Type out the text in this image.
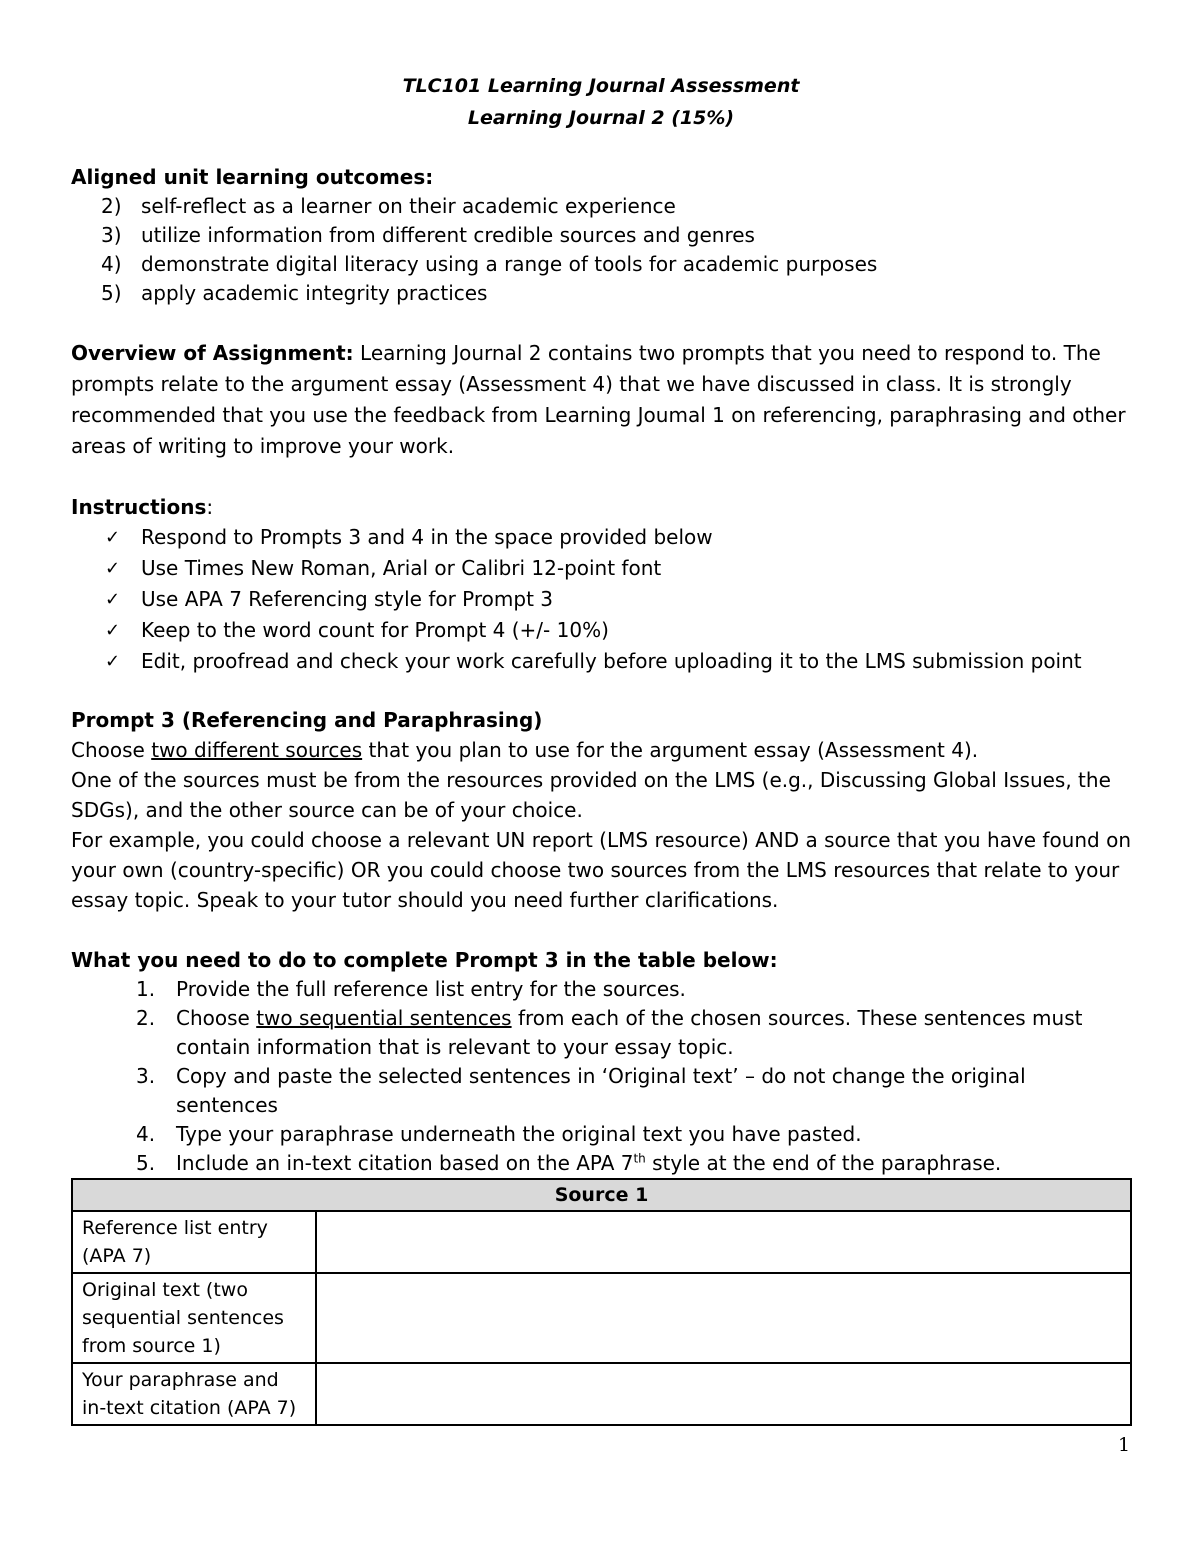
TLC101 Learning Journal Assessment
Learning Journal 2 (15%)
Aligned unit learning outcomes:
2) self-reflect as a learner on their academic experience
3) utilize information from different credible sources and genres
4) demonstrate digital literacy using a range of tools for academic purposes
5) apply academic integrity practices

Overview of Assignment: Learning Journal 2 contains two prompts that you need to respond to. The prompts relate to the argument essay (Assessment 4) that we have discussed in class. It is strongly recommended that you use the feedback from Learning Joumal 1 on referencing, paraphrasing and other areas of writing to improve your work.

Instructions:
✓ Respond to Prompts 3 and 4 in the space provided below
✓ Use Times New Roman, Arial or Calibri 12-point font
✓ Use APA 7 Referencing style for Prompt 3
✓ Keep to the word count for Prompt 4 (+/- 10%)
✓ Edit, proofread and check your work carefully before uploading it to the LMS submission point
Prompt 3 (Referencing and Paraphrasing)

Choose two different sources that you plan to use for the argument essay (Assessment 4).

One of the sources must be from the resources provided on the LMS (e.g., Discussing Global Issues, the SDGs), and the other source can be of your choice.

For example, you could choose a relevant UN report (LMS resource) AND a source that you have found on your own (country-specific) OR you could choose two sources from the LMS resources that relate to your essay topic. Speak to your tutor should you need further clarifications.

What you need to do to complete Prompt 3 in the table below:
1. Provide the full reference list entry for the sources.
2. Choose two sequential sentences from each of the chosen sources. These sentences must contain information that is relevant to your essay topic.
3. Copy and paste the selected sentences in ‘Original text’ – do not change the original sentences
4. Type your paraphrase underneath the original text you have pasted.
5. Include an in-text citation based on the APA 7th style at the end of the paraphrase.
Source 1	
Reference list entry (APA 7)	
Original text (two sequential sentences from source 1)	
Your paraphrase and in-text citation (APA 7)	
1
